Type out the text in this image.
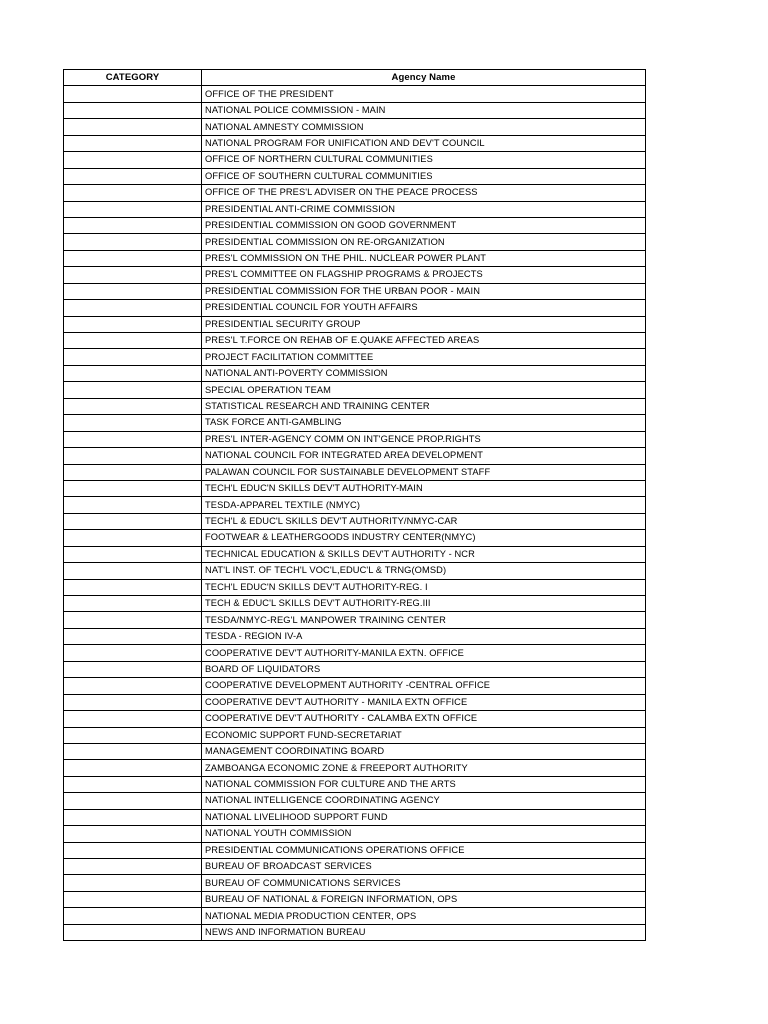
CATEGORY	Agency Name
	OFFICE OF THE PRESIDENT
	NATIONAL POLICE COMMISSION - MAIN
	NATIONAL AMNESTY COMMISSION
	NATIONAL PROGRAM FOR UNIFICATION AND DEV'T COUNCIL
	OFFICE OF NORTHERN CULTURAL COMMUNITIES
	OFFICE OF SOUTHERN CULTURAL COMMUNITIES
	OFFICE OF THE PRES'L ADVISER ON THE PEACE PROCESS
	PRESIDENTIAL ANTI-CRIME COMMISSION
	PRESIDENTIAL COMMISSION ON GOOD GOVERNMENT
	PRESIDENTIAL COMMISSION ON RE-ORGANIZATION
	PRES'L COMMISSION ON THE PHIL. NUCLEAR POWER PLANT
	PRES'L COMMITTEE ON FLAGSHIP PROGRAMS & PROJECTS
	PRESIDENTIAL COMMISSION FOR THE URBAN POOR - MAIN
	PRESIDENTIAL COUNCIL FOR YOUTH AFFAIRS
	PRESIDENTIAL SECURITY GROUP
	PRES'L T.FORCE ON REHAB OF E.QUAKE AFFECTED AREAS
	PROJECT FACILITATION COMMITTEE
	NATIONAL ANTI-POVERTY COMMISSION
	SPECIAL OPERATION TEAM
	STATISTICAL RESEARCH AND TRAINING CENTER
	TASK FORCE ANTI-GAMBLING
	PRES'L INTER-AGENCY COMM ON INT'GENCE PROP.RIGHTS
	NATIONAL COUNCIL FOR INTEGRATED AREA DEVELOPMENT
	PALAWAN COUNCIL FOR SUSTAINABLE DEVELOPMENT STAFF
	TECH'L EDUC'N SKILLS DEV'T AUTHORITY-MAIN
	TESDA-APPAREL TEXTILE (NMYC)
	TECH'L & EDUC'L SKILLS DEV'T AUTHORITY/NMYC-CAR
	FOOTWEAR & LEATHERGOODS INDUSTRY CENTER(NMYC)
	TECHNICAL EDUCATION & SKILLS DEV'T AUTHORITY - NCR
	NAT'L INST. OF TECH'L VOC'L,EDUC'L & TRNG(OMSD)
	TECH'L EDUC'N SKILLS DEV'T AUTHORITY-REG. I
	TECH & EDUC'L SKILLS DEV'T AUTHORITY-REG.III
	TESDA/NMYC-REG'L MANPOWER TRAINING CENTER
	TESDA - REGION IV-A
	COOPERATIVE DEV'T AUTHORITY-MANILA EXTN. OFFICE
	BOARD OF LIQUIDATORS
	COOPERATIVE DEVELOPMENT AUTHORITY -CENTRAL OFFICE
	COOPERATIVE DEV'T AUTHORITY - MANILA EXTN OFFICE
	COOPERATIVE DEV'T AUTHORITY - CALAMBA EXTN OFFICE
	ECONOMIC SUPPORT FUND-SECRETARIAT
	MANAGEMENT COORDINATING BOARD
	ZAMBOANGA ECONOMIC ZONE & FREEPORT AUTHORITY
	NATIONAL COMMISSION FOR CULTURE AND THE ARTS
	NATIONAL INTELLIGENCE COORDINATING AGENCY
	NATIONAL LIVELIHOOD SUPPORT FUND
	NATIONAL YOUTH COMMISSION
	PRESIDENTIAL COMMUNICATIONS OPERATIONS OFFICE
	BUREAU OF BROADCAST SERVICES
	BUREAU OF COMMUNICATIONS SERVICES
	BUREAU OF NATIONAL & FOREIGN INFORMATION, OPS
	NATIONAL MEDIA PRODUCTION CENTER, OPS
	NEWS AND INFORMATION BUREAU
